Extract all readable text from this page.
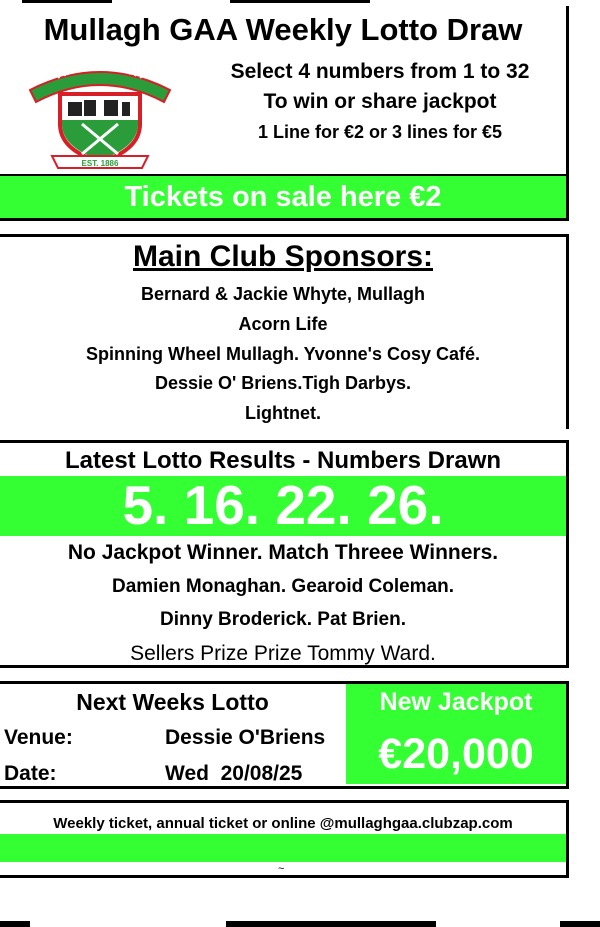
Mullagh GAA Weekly Lotto Draw
AN MULLACH
EST. 1886
Select 4 numbers from 1 to 32
To win or share jackpot
1 Line for €2 or 3 lines for €5
Tickets on sale here €2
Main Club Sponsors:
Bernard & Jackie Whyte, Mullagh
Acorn Life
Spinning Wheel Mullagh. Yvonne's Cosy Café.
Dessie O' Briens.Tigh Darbys.
Lightnet.
Latest Lotto Results - Numbers Drawn
5. 16. 22. 26.
No Jackpot Winner. Match Threee Winners.
Damien Monaghan. Gearoid Coleman.
Dinny Broderick. Pat Brien.
Sellers Prize Prize Tommy Ward.
Next Weeks Lotto
Venue:	Dessie O'Briens
Date:	Wed  20/08/25
New Jackpot
€20,000
Weekly ticket, annual ticket or online @mullaghgaa.clubzap.com
~
